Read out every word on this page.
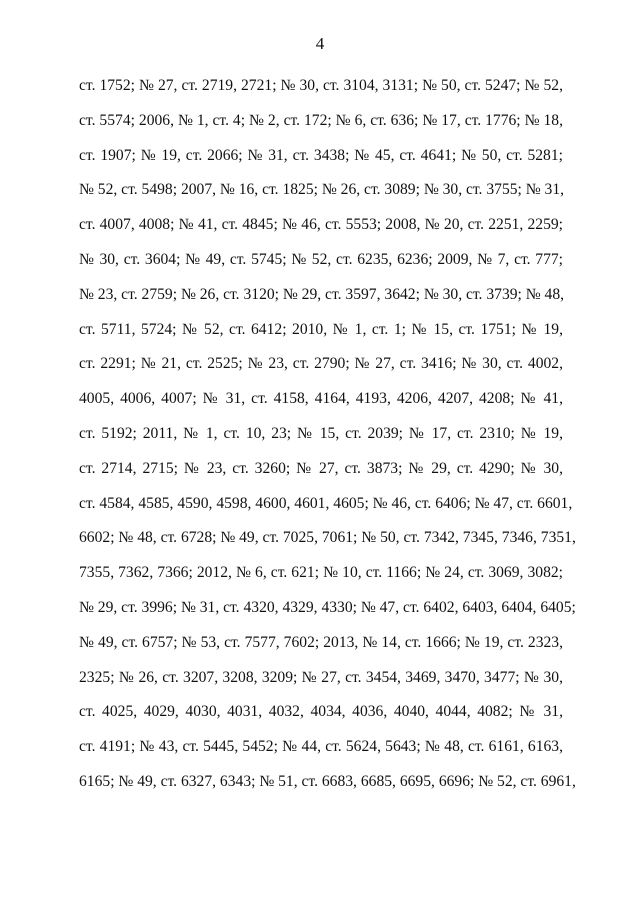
4
ст. 1752; № 27, ст. 2719, 2721; № 30, ст. 3104, 3131; № 50, ст. 5247; № 52,
ст. 5574; 2006, № 1, ст. 4; № 2, ст. 172; № 6, ст. 636; № 17, ст. 1776; № 18,
ст. 1907; № 19, ст. 2066; № 31, ст. 3438; № 45, ст. 4641; № 50, ст. 5281;
№ 52, ст. 5498; 2007, № 16, ст. 1825; № 26, ст. 3089; № 30, ст. 3755; № 31,
ст. 4007, 4008; № 41, ст. 4845; № 46, ст. 5553; 2008, № 20, ст. 2251, 2259;
№ 30, ст. 3604; № 49, ст. 5745; № 52, ст. 6235, 6236; 2009, № 7, ст. 777;
№ 23, ст. 2759; № 26, ст. 3120; № 29, ст. 3597, 3642; № 30, ст. 3739; № 48,
ст. 5711, 5724; № 52, ст. 6412; 2010, № 1, ст. 1; № 15, ст. 1751; № 19,
ст. 2291; № 21, ст. 2525; № 23, ст. 2790; № 27, ст. 3416; № 30, ст. 4002,
4005, 4006, 4007; № 31, ст. 4158, 4164, 4193, 4206, 4207, 4208; № 41,
ст. 5192; 2011, № 1, ст. 10, 23; № 15, ст. 2039; № 17, ст. 2310; № 19,
ст. 2714, 2715; № 23, ст. 3260; № 27, ст. 3873; № 29, ст. 4290; № 30,
ст. 4584, 4585, 4590, 4598, 4600, 4601, 4605; № 46, ст. 6406; № 47, ст. 6601,
6602; № 48, ст. 6728; № 49, ст. 7025, 7061; № 50, ст. 7342, 7345, 7346, 7351,
7355, 7362, 7366; 2012, № 6, ст. 621; № 10, ст. 1166; № 24, ст. 3069, 3082;
№ 29, ст. 3996; № 31, ст. 4320, 4329, 4330; № 47, ст. 6402, 6403, 6404, 6405;
№ 49, ст. 6757; № 53, ст. 7577, 7602; 2013, № 14, ст. 1666; № 19, ст. 2323,
2325; № 26, ст. 3207, 3208, 3209; № 27, ст. 3454, 3469, 3470, 3477; № 30,
ст. 4025, 4029, 4030, 4031, 4032, 4034, 4036, 4040, 4044, 4082; № 31,
ст. 4191; № 43, ст. 5445, 5452; № 44, ст. 5624, 5643; № 48, ст. 6161, 6163,
6165; № 49, ст. 6327, 6343; № 51, ст. 6683, 6685, 6695, 6696; № 52, ст. 6961,
